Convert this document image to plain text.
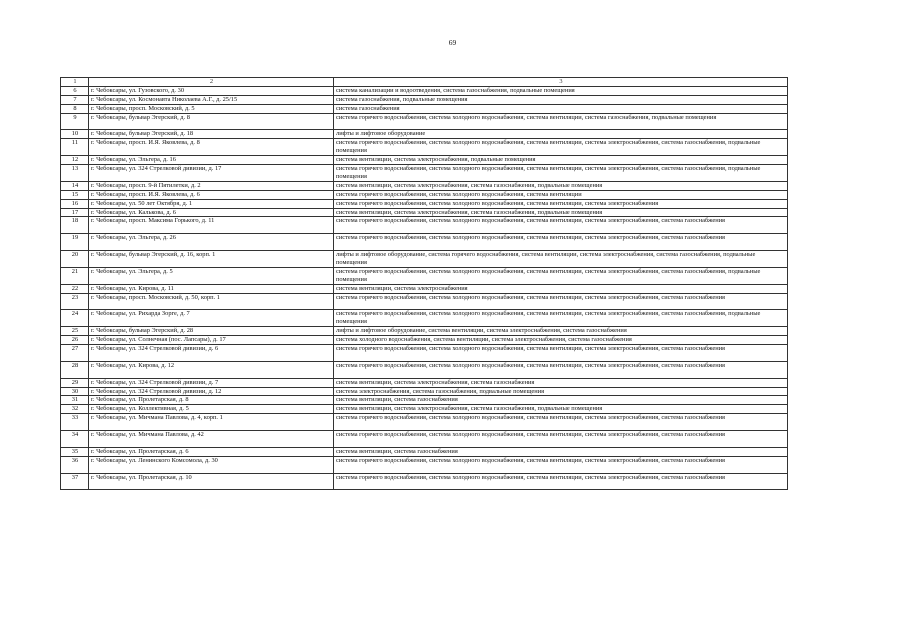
69
1	2	3
6	г. Чебоксары, ул. Гузовского, д. 30	система канализации и водоотведения, система газоснабжения, подвальные помещения
7	г. Чебоксары, ул. Космонавта Николаева А.Г., д. 25/15	система газоснабжения, подвальные помещения
8	г. Чебоксары, просп. Московский, д. 5	система газоснабжения
9	г. Чебоксары, бульвар Эгерский, д. 8	система горячего водоснабжения, система холодного водоснабжения, система вентиляции, система газоснабжения, подвальные помещения
10	г. Чебоксары, бульвар Эгерский, д. 18	лифты и лифтовое оборудование
11	г. Чебоксары, просп. И.Я. Яковлева, д. 8	система горячего водоснабжения, система холодного водоснабжения, система вентиляции, система электроснабжения, система газоснабжения, подвальные помещения
12	г. Чебоксары, ул. Эльгера, д. 16	система вентиляции, система электроснабжения, подвальные помещения
13	г. Чебоксары, ул. 324 Стрелковой дивизии, д. 17	система горячего водоснабжения, система холодного водоснабжения, система вентиляции, система электроснабжения, система газоснабжения, подвальные помещения
14	г. Чебоксары, просп. 9-й Пятилетки, д. 2	система вентиляции, система электроснабжения, система газоснабжения, подвальные помещения
15	г. Чебоксары, просп. И.Я. Яковлева, д. 6	система горячего водоснабжения, система холодного водоснабжения, система вентиляции
16	г. Чебоксары, ул. 50 лет Октября, д. 1	система горячего водоснабжения, система холодного водоснабжения, система вентиляции, система электроснабжения
17	г. Чебоксары, ул. Калькова, д. 6	система вентиляции, система электроснабжения, система газоснабжения, подвальные помещения
18	г. Чебоксары, просп. Максима Горького, д. 11	система горячего водоснабжения, система холодного водоснабжения, система вентиляции, система электроснабжения, система газоснабжения
19	г. Чебоксары, ул. Эльгера, д. 26	система горячего водоснабжения, система холодного водоснабжения, система вентиляции, система электроснабжения, система газоснабжения
20	г. Чебоксары, бульвар Эгерский, д. 16, корп. 1	лифты и лифтовое оборудование, система горячего водоснабжения, система вентиляции, система электроснабжения, система газоснабжения, подвальные помещения
21	г. Чебоксары, ул. Эльгера, д. 5	система горячего водоснабжения, система холодного водоснабжения, система вентиляции, система электроснабжения, система газоснабжения, подвальные помещения
22	г. Чебоксары, ул. Кирова, д. 11	система вентиляции, система электроснабжения
23	г. Чебоксары, просп. Московский, д. 50, корп. 1	система горячего водоснабжения, система холодного водоснабжения, система вентиляции, система электроснабжения, система газоснабжения
24	г. Чебоксары, ул. Рихарда Зорге, д. 7	система горячего водоснабжения, система холодного водоснабжения, система вентиляции, система электроснабжения, система газоснабжения, подвальные помещения
25	г. Чебоксары, бульвар Эгерский, д. 28	лифты и лифтовое оборудование, система вентиляции, система электроснабжения, система газоснабжения
26	г. Чебоксары, ул. Солнечная (пос. Лапсары), д. 17	система холодного водоснабжения, система вентиляции, система электроснабжения, система газоснабжения
27	г. Чебоксары, ул. 324 Стрелковой дивизии, д. 6	система горячего водоснабжения, система холодного водоснабжения, система вентиляции, система электроснабжения, система газоснабжения
28	г. Чебоксары, ул. Кирова, д. 12	система горячего водоснабжения, система холодного водоснабжения, система вентиляции, система электроснабжения, система газоснабжения
29	г. Чебоксары, ул. 324 Стрелковой дивизии, д. 7	система вентиляции, система электроснабжения, система газоснабжения
30	г. Чебоксары, ул. 324 Стрелковой дивизии, д. 12	система электроснабжения, система газоснабжения, подвальные помещения
31	г. Чебоксары, ул. Пролетарская, д. 8	система вентиляции, система газоснабжения
32	г. Чебоксары, ул. Коллективная, д. 5	система вентиляции, система электроснабжения, система газоснабжения, подвальные помещения
33	г. Чебоксары, ул. Мичмана Павлова, д. 4, корп. 1	система горячего водоснабжения, система холодного водоснабжения, система вентиляции, система электроснабжения, система газоснабжения
34	г. Чебоксары, ул. Мичмана Павлова, д. 42	система горячего водоснабжения, система холодного водоснабжения, система вентиляции, система электроснабжения, система газоснабжения
35	г. Чебоксары, ул. Пролетарская, д. 6	система вентиляции, система газоснабжения
36	г. Чебоксары, ул. Ленинского Комсомола, д. 30	система горячего водоснабжения, система холодного водоснабжения, система вентиляции, система электроснабжения, система газоснабжения
37	г. Чебоксары, ул. Пролетарская, д. 10	система горячего водоснабжения, система холодного водоснабжения, система вентиляции, система электроснабжения, система газоснабжения
